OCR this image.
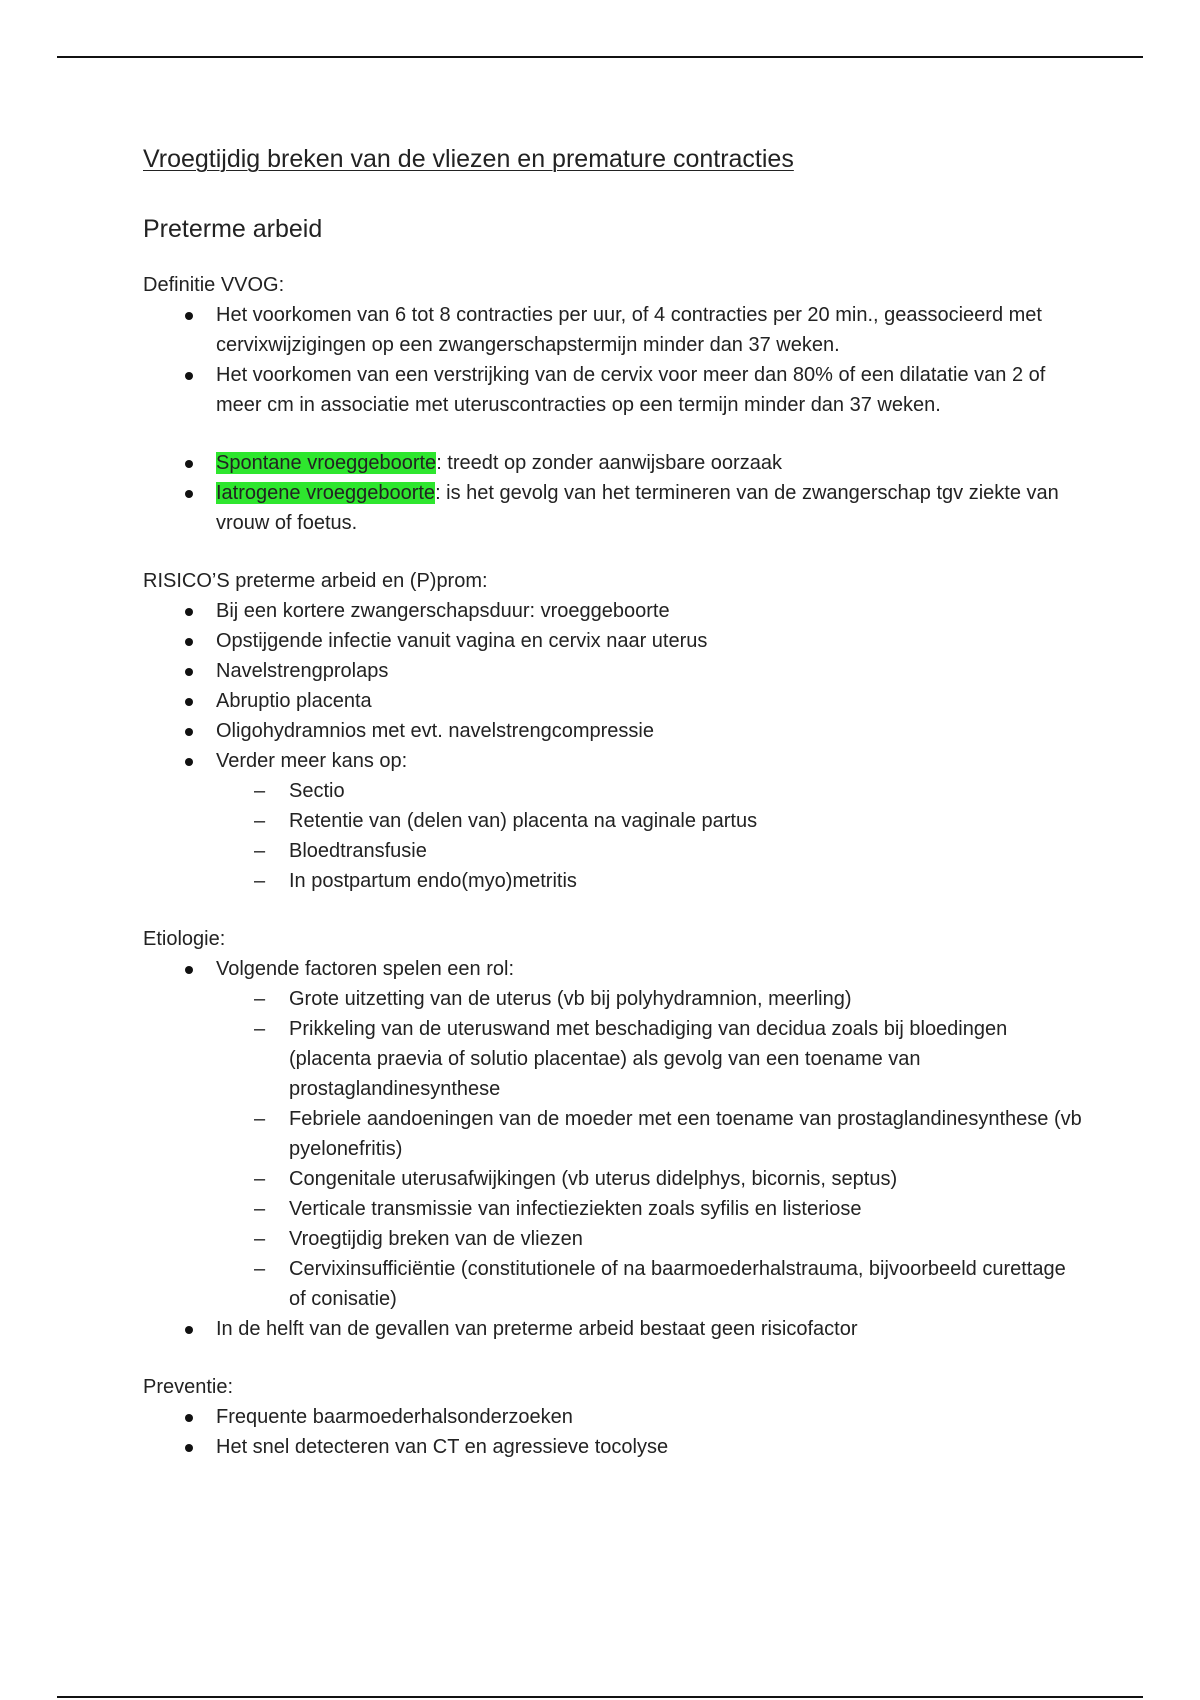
Vroegtijdig breken van de vliezen en premature contracties
Preterme arbeid

Definitie VVOG:

Het voorkomen van 6 tot 8 contracties per uur, of 4 contracties per 20 min., geassocieerd met cervixwijzigingen op een zwangerschapstermijn minder dan 37 weken.
Het voorkomen van een verstrijking van de cervix voor meer dan 80% of een dilatatie van 2 of meer cm in associatie met uteruscontracties op een termijn minder dan 37 weken.
Spontane vroeggeboorte: treedt op zonder aanwijsbare oorzaak
Iatrogene vroeggeboorte: is het gevolg van het termineren van de zwangerschap tgv ziekte van vrouw of foetus.

RISICO’S preterme arbeid en (P)prom:

Bij een kortere zwangerschapsduur: vroeggeboorte
Opstijgende infectie vanuit vagina en cervix naar uterus
Navelstrengprolaps
Abruptio placenta
Oligohydramnios met evt. navelstrengcompressie
Verder meer kans op:
– Sectio
– Retentie van (delen van) placenta na vaginale partus
– Bloedtransfusie
– In postpartum endo(myo)metritis

Etiologie:

Volgende factoren spelen een rol:
– Grote uitzetting van de uterus (vb bij polyhydramnion, meerling)
– Prikkeling van de uteruswand met beschadiging van decidua zoals bij bloedingen (placenta praevia of solutio placentae) als gevolg van een toename van prostaglandinesynthese
– Febriele aandoeningen van de moeder met een toename van prostaglandinesynthese (vb pyelonefritis)
– Congenitale uterusafwijkingen (vb uterus didelphys, bicornis, septus)
– Verticale transmissie van infectieziekten zoals syfilis en listeriose
– Vroegtijdig breken van de vliezen
– Cervixinsufficiëntie (constitutionele of na baarmoederhalstrauma, bijvoorbeeld curettage of conisatie)
In de helft van de gevallen van preterme arbeid bestaat geen risicofactor

Preventie:

Frequente baarmoederhalsonderzoeken
Het snel detecteren van CT en agressieve tocolyse
